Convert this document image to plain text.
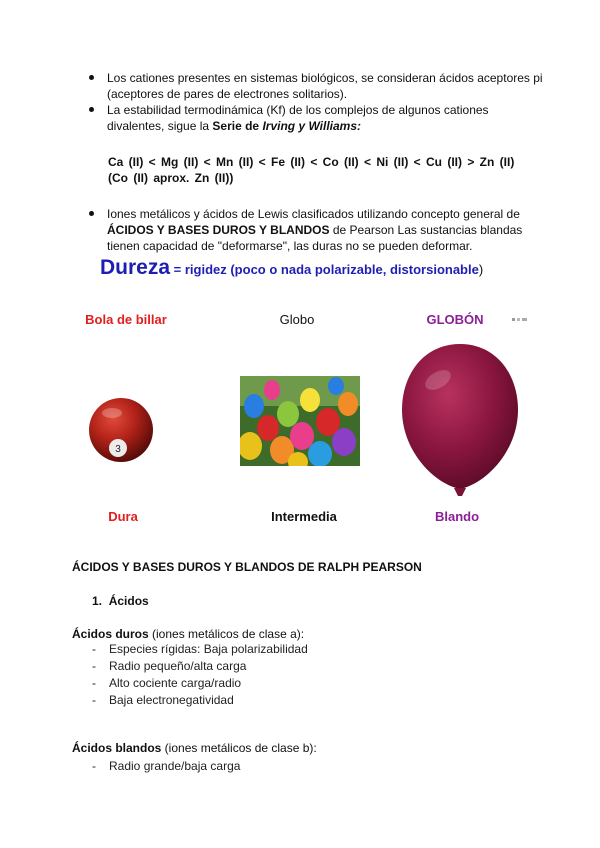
Los cationes presentes en sistemas biológicos, se consideran ácidos aceptores pi (aceptores de pares de electrones solitarios).
La estabilidad termodinámica (Kf) de los complejos de algunos cationes divalentes, sigue la Serie de Irving y Williams:
Ca (II) < Mg (II) < Mn (II) < Fe (II) < Co (II) < Ni (II) < Cu (II) > Zn (II)
(Co (II) aprox. Zn (II))
Iones metálicos y ácidos de Lewis clasificados utilizando concepto general de ÁCIDOS Y BASES DUROS Y BLANDOS de Pearson Las sustancias blandas tienen capacidad de "deformarse", las duras no se pueden deformar.
Dureza = rigidez (poco o nada polarizable, distorsionable)
Bola de billar	Globo	GLOBÓN
3
Dura	Intermedia	Blando
ÁCIDOS Y BASES DUROS Y BLANDOS DE RALPH PEARSON
1. Ácidos
Ácidos duros (iones metálicos de clase a):
- Especies rígidas: Baja polarizabilidad
- Radio pequeño/alta carga
- Alto cociente carga/radio
- Baja electronegatividad
Ácidos blandos (iones metálicos de clase b):
- Radio grande/baja carga
